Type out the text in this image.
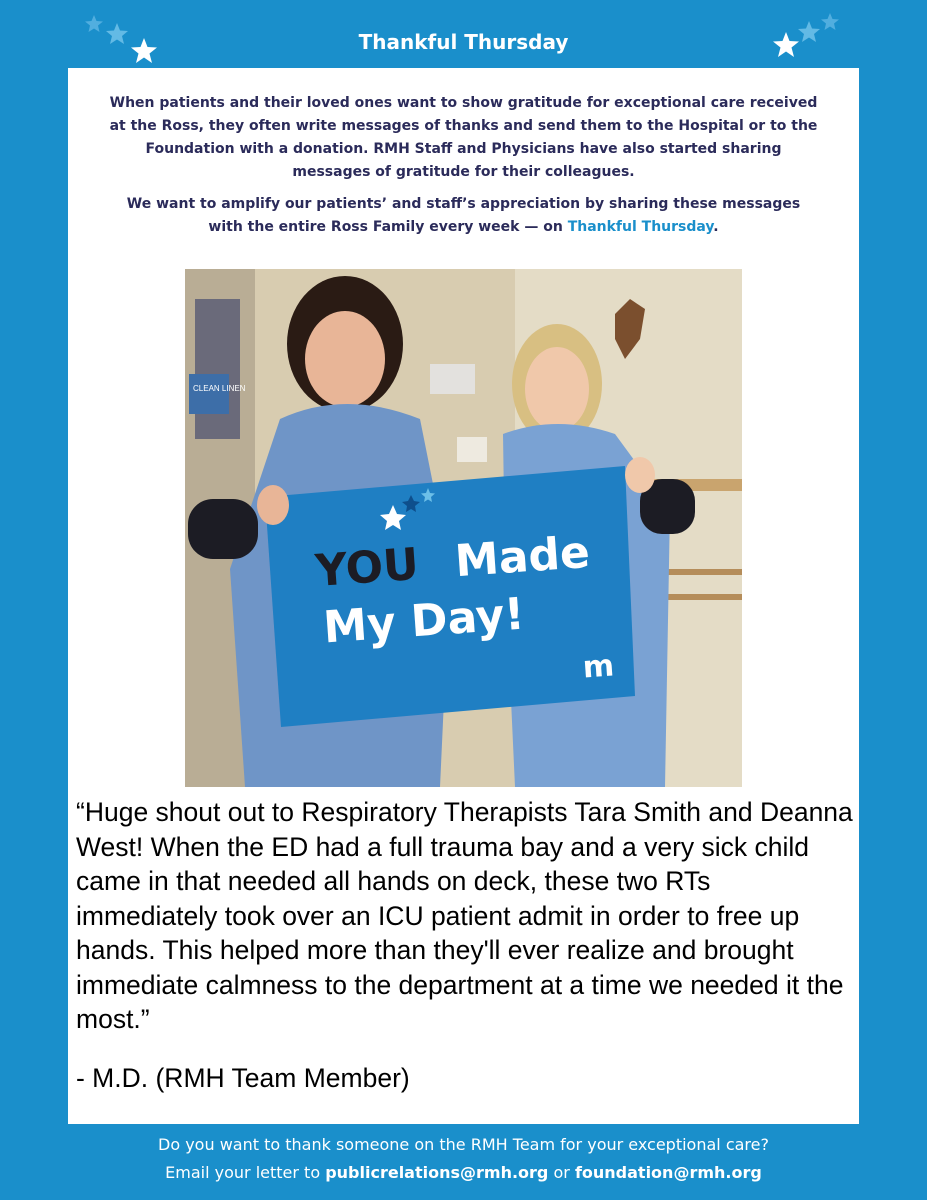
Thankful Thursday

When patients and their loved ones want to show gratitude for exceptional care received at the Ross, they often write messages of thanks and send them to the Hospital or to the Foundation with a donation. RMH Staff and Physicians have also started sharing messages of gratitude for their colleagues.

We want to amplify our patients’ and staff’s appreciation by sharing these messages with the entire Ross Family every week — on Thankful Thursday.

CLEAN LINEN
YOU Made
My Day!
m
“Huge shout out to Respiratory Therapists Tara Smith and Deanna West! When the ED had a full trauma bay and a very sick child came in that needed all hands on deck, these two RTs immediately took over an ICU patient admit in order to free up hands. This helped more than they'll ever realize and brought immediate calmness to the department at a time we needed it the most.”
- M.D. (RMH Team Member)
Do you want to thank someone on the RMH Team for your exceptional care?
Email your letter to publicrelations@rmh.org or foundation@rmh.org
